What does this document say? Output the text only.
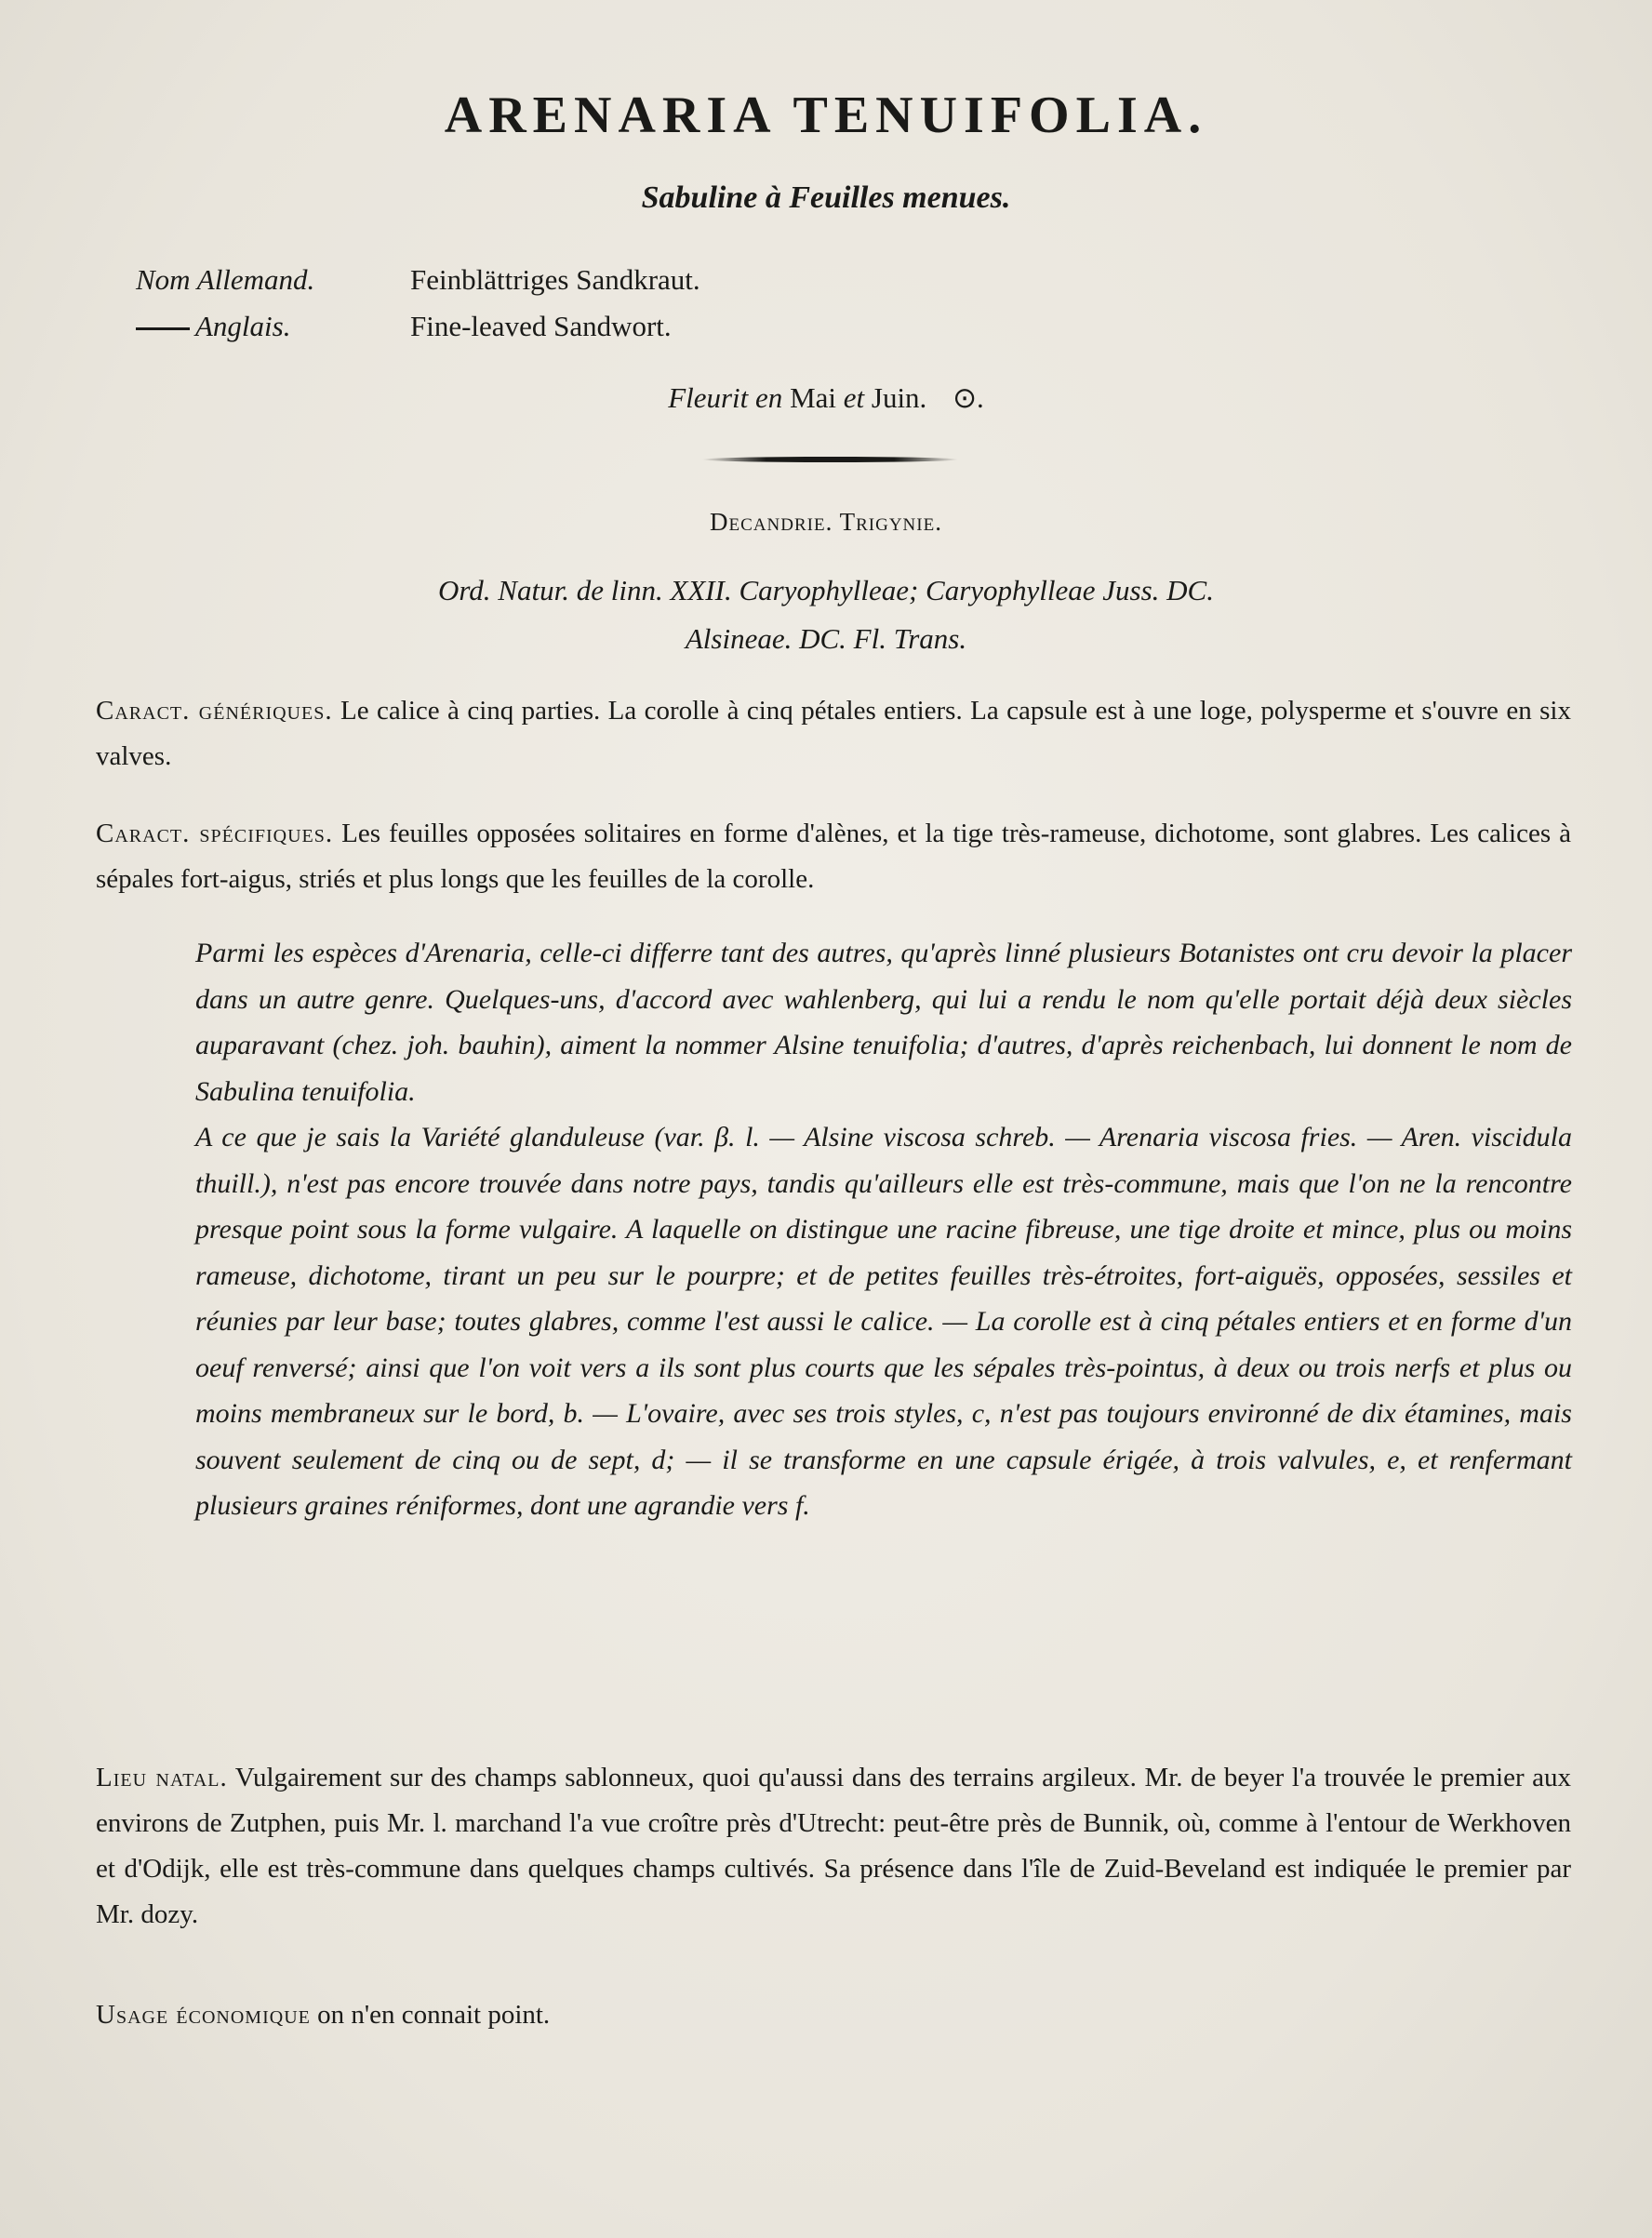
ARENARIA TENUIFOLIA.
Sabuline à Feuilles menues.
Nom Allemand.	Feinblättriges Sandkraut.
Anglais.	Fine-leaved Sandwort.
Fleurit en Mai et Juin. ⊙.
Decandrie. Trigynie.
Ord. Natur. de linn. XXII. Caryophylleae; Caryophylleae Juss. DC.
Alsineae. DC. Fl. Trans.
Caract. génériques. Le calice à cinq parties. La corolle à cinq pétales entiers. La capsule est à une loge, polysperme et s'ouvre en six valves.
Caract. spécifiques. Les feuilles opposées solitaires en forme d'alènes, et la tige très-rameuse, dichotome, sont glabres. Les calices à sépales fort-aigus, striés et plus longs que les feuilles de la corolle.

Parmi les espèces d'Arenaria, celle-ci differre tant des autres, qu'après linné plusieurs Botanistes ont cru devoir la placer dans un autre genre. Quelques-uns, d'accord avec wahlenberg, qui lui a rendu le nom qu'elle portait déjà deux siècles auparavant (chez. joh. bauhin), aiment la nommer Alsine tenuifolia; d'autres, d'après reichenbach, lui donnent le nom de Sabulina tenuifolia.

A ce que je sais la Variété glanduleuse (var. β. l. — Alsine viscosa schreb. — Arenaria viscosa fries. — Aren. viscidula thuill.), n'est pas encore trouvée dans notre pays, tandis qu'ailleurs elle est très-commune, mais que l'on ne la rencontre presque point sous la forme vulgaire. A laquelle on distingue une racine fibreuse, une tige droite et mince, plus ou moins rameuse, dichotome, tirant un peu sur le pourpre; et de petites feuilles très-étroites, fort-aiguës, opposées, sessiles et réunies par leur base; toutes glabres, comme l'est aussi le calice. — La corolle est à cinq pétales entiers et en forme d'un oeuf renversé; ainsi que l'on voit vers a ils sont plus courts que les sépales très-pointus, à deux ou trois nerfs et plus ou moins membraneux sur le bord, b. — L'ovaire, avec ses trois styles, c, n'est pas toujours environné de dix étamines, mais souvent seulement de cinq ou de sept, d; — il se transforme en une capsule érigée, à trois valvules, e, et renfermant plusieurs graines réniformes, dont une agrandie vers f.

Lieu natal. Vulgairement sur des champs sablonneux, quoi qu'aussi dans des terrains argileux. Mr. de beyer l'a trouvée le premier aux environs de Zutphen, puis Mr. l. marchand l'a vue croître près d'Utrecht: peut-être près de Bunnik, où, comme à l'entour de Werkhoven et d'Odijk, elle est très-commune dans quelques champs cultivés. Sa présence dans l'île de Zuid-Beveland est indiquée le premier par Mr. dozy.
Usage économique on n'en connait point.
